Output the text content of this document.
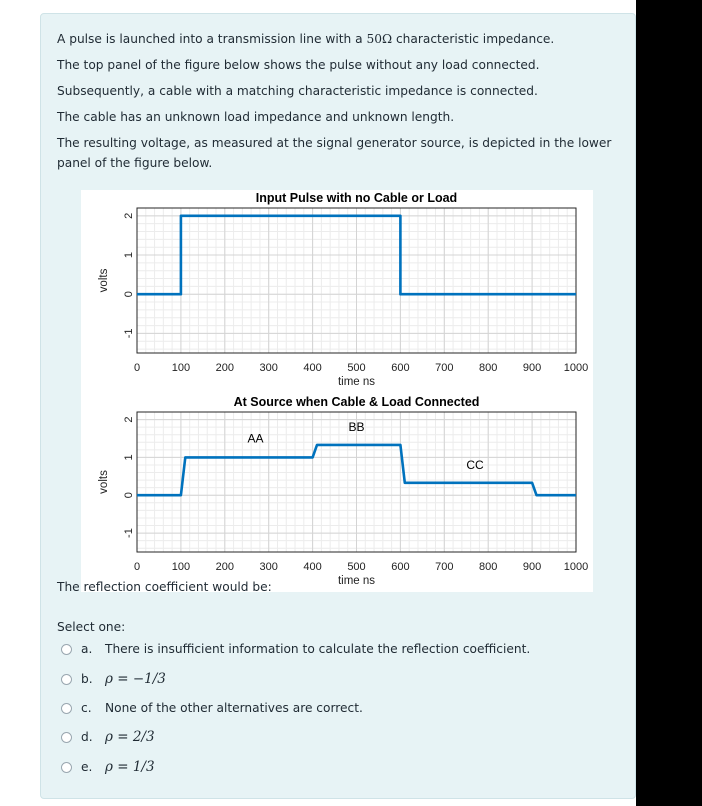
A pulse is launched into a transmission line with a 50Ω characteristic impedance.
The top panel of the figure below shows the pulse without any load connected.
Subsequently, a cable with a matching characteristic impedance is connected.
The cable has an unknown load impedance and unknown length.
The resulting voltage, as measured at the signal generator source, is depicted in the lower
panel of the figure below.
Input Pulse with no Cable or Load
0	100 200 300 400 500 600 700 800 900 1000
2
1
0
-1
time ns
volts
At Source when Cable & Load Connected
0	100 200 300 400 500 600 700 800 900 1000
2
1
0
-1
time ns
volts
AA
BB
CC
The reflection coefficient would be:
Select one:
a.	There is insufficient information to calculate the reflection coefficient.
b. ρ = −1/3
c.	None of the other alternatives are correct.
d. ρ = 2/3
e. ρ = 1/3
